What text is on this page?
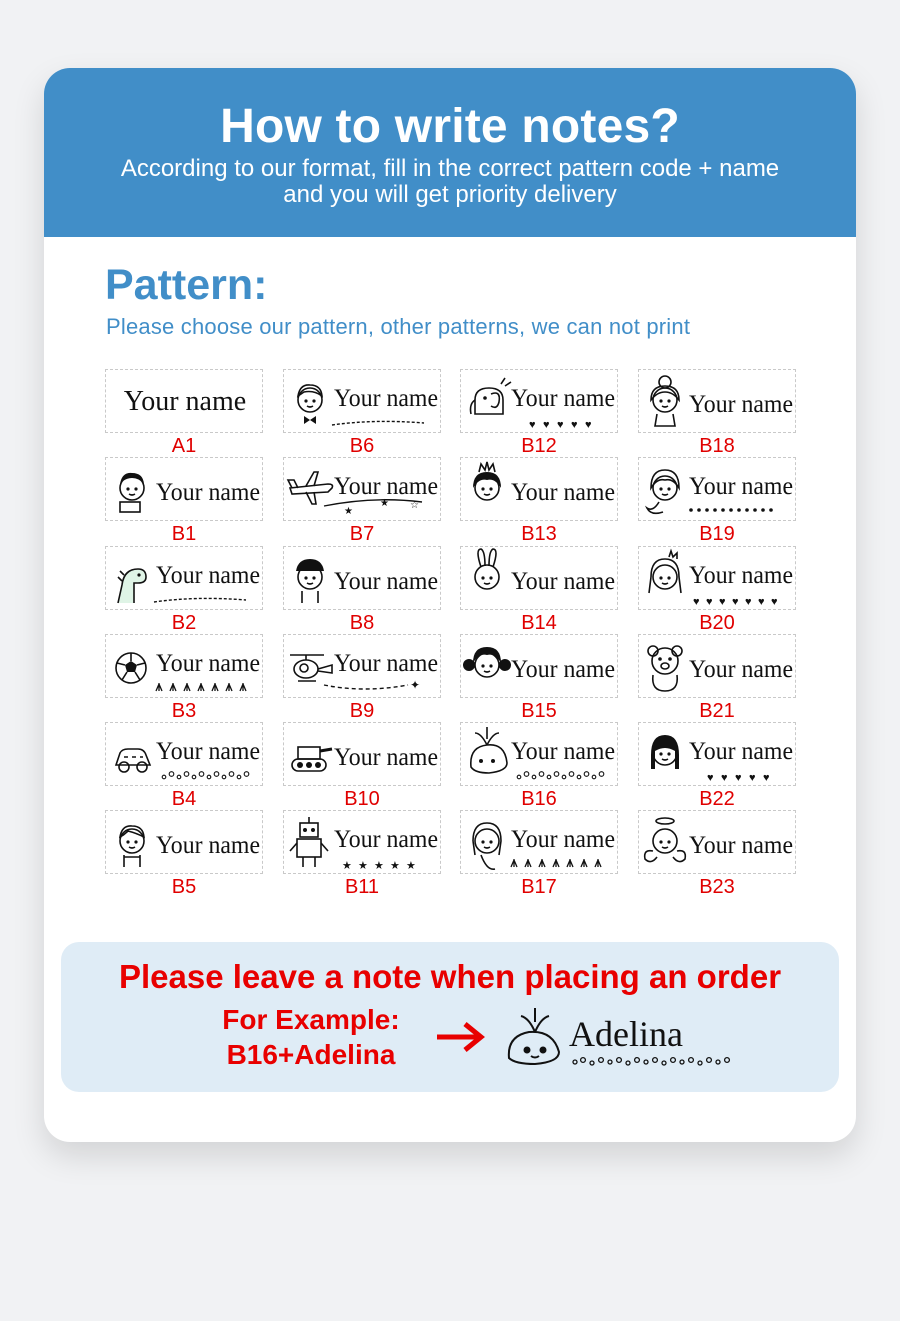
How to write notes?
According to our format, fill in the correct pattern code + name
and you will get priority delivery
Pattern:
Please choose our pattern, other patterns, we can not print
Your name
A1
Your name
B1
Your name
B2
Your name
B3
Your name
B4
Your name
B5
Your name
B6
★
★ ☆
Your name
B7
Your name
B8
✦
Your name
B9
Your name
B10
★ ★ ★ ★ ★
Your name
B11
♥ ♥ ♥ ♥ ♥
Your name
B12
Your name
B13
Your name
B14
Your name
B15
Your name
B16
Your name
B17
Your name
B18
Your name
B19
♥ ♥ ♥ ♥ ♥ ♥ ♥
Your name
B20
Your name
B21
♥ ♥ ♥ ♥ ♥
Your name
B22
Your name
B23
Please leave a note when placing an order
For Example:
B16+Adelina
Adelina
